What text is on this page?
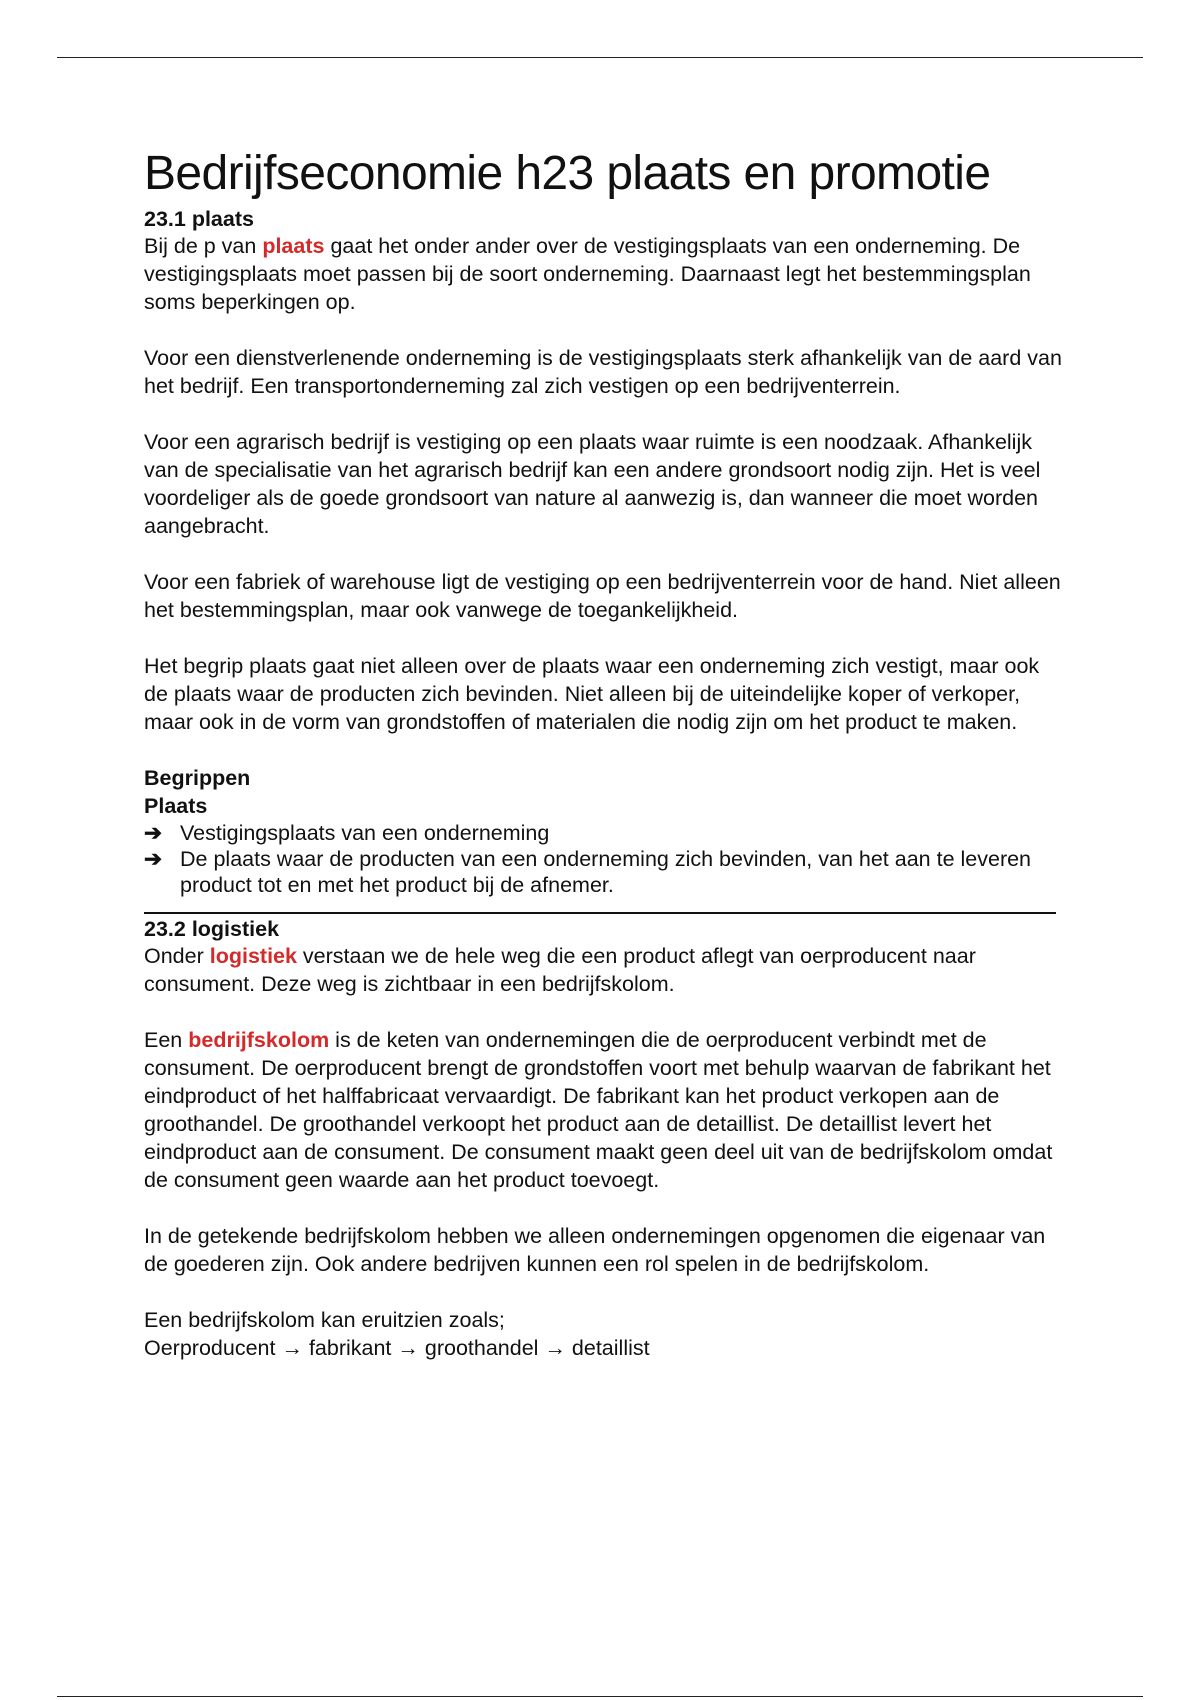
Bedrijfseconomie h23 plaats en promotie
23.1 plaats

Bij de p van plaats gaat het onder ander over de vestigingsplaats van een onderneming. De vestigingsplaats moet passen bij de soort onderneming. Daarnaast legt het bestemmingsplan soms beperkingen op.

Voor een dienstverlenende onderneming is de vestigingsplaats sterk afhankelijk van de aard van het bedrijf. Een transportonderneming zal zich vestigen op een bedrijventerrein.

Voor een agrarisch bedrijf is vestiging op een plaats waar ruimte is een noodzaak. Afhankelijk van de specialisatie van het agrarisch bedrijf kan een andere grondsoort nodig zijn. Het is veel voordeliger als de goede grondsoort van nature al aanwezig is, dan wanneer die moet worden aangebracht.

Voor een fabriek of warehouse ligt de vestiging op een bedrijventerrein voor de hand. Niet alleen het bestemmingsplan, maar ook vanwege de toegankelijkheid.

Het begrip plaats gaat niet alleen over de plaats waar een onderneming zich vestigt, maar ook de plaats waar de producten zich bevinden. Niet alleen bij de uiteindelijke koper of verkoper, maar ook in de vorm van grondstoffen of materialen die nodig zijn om het product te maken.

Begrippen
Plaats
➔ Vestigingsplaats van een onderneming
➔ De plaats waar de producten van een onderneming zich bevinden, van het aan te leveren product tot en met het product bij de afnemer.
23.2 logistiek

Onder logistiek verstaan we de hele weg die een product aflegt van oerproducent naar consument. Deze weg is zichtbaar in een bedrijfskolom.

Een bedrijfskolom is de keten van ondernemingen die de oerproducent verbindt met de consument. De oerproducent brengt de grondstoffen voort met behulp waarvan de fabrikant het eindproduct of het halffabricaat vervaardigt. De fabrikant kan het product verkopen aan de groothandel. De groothandel verkoopt het product aan de detaillist. De detaillist levert het eindproduct aan de consument. De consument maakt geen deel uit van de bedrijfskolom omdat de consument geen waarde aan het product toevoegt.

In de getekende bedrijfskolom hebben we alleen ondernemingen opgenomen die eigenaar van de goederen zijn. Ook andere bedrijven kunnen een rol spelen in de bedrijfskolom.

Een bedrijfskolom kan eruitzien zoals;

Oerproducent → fabrikant → groothandel → detaillist
